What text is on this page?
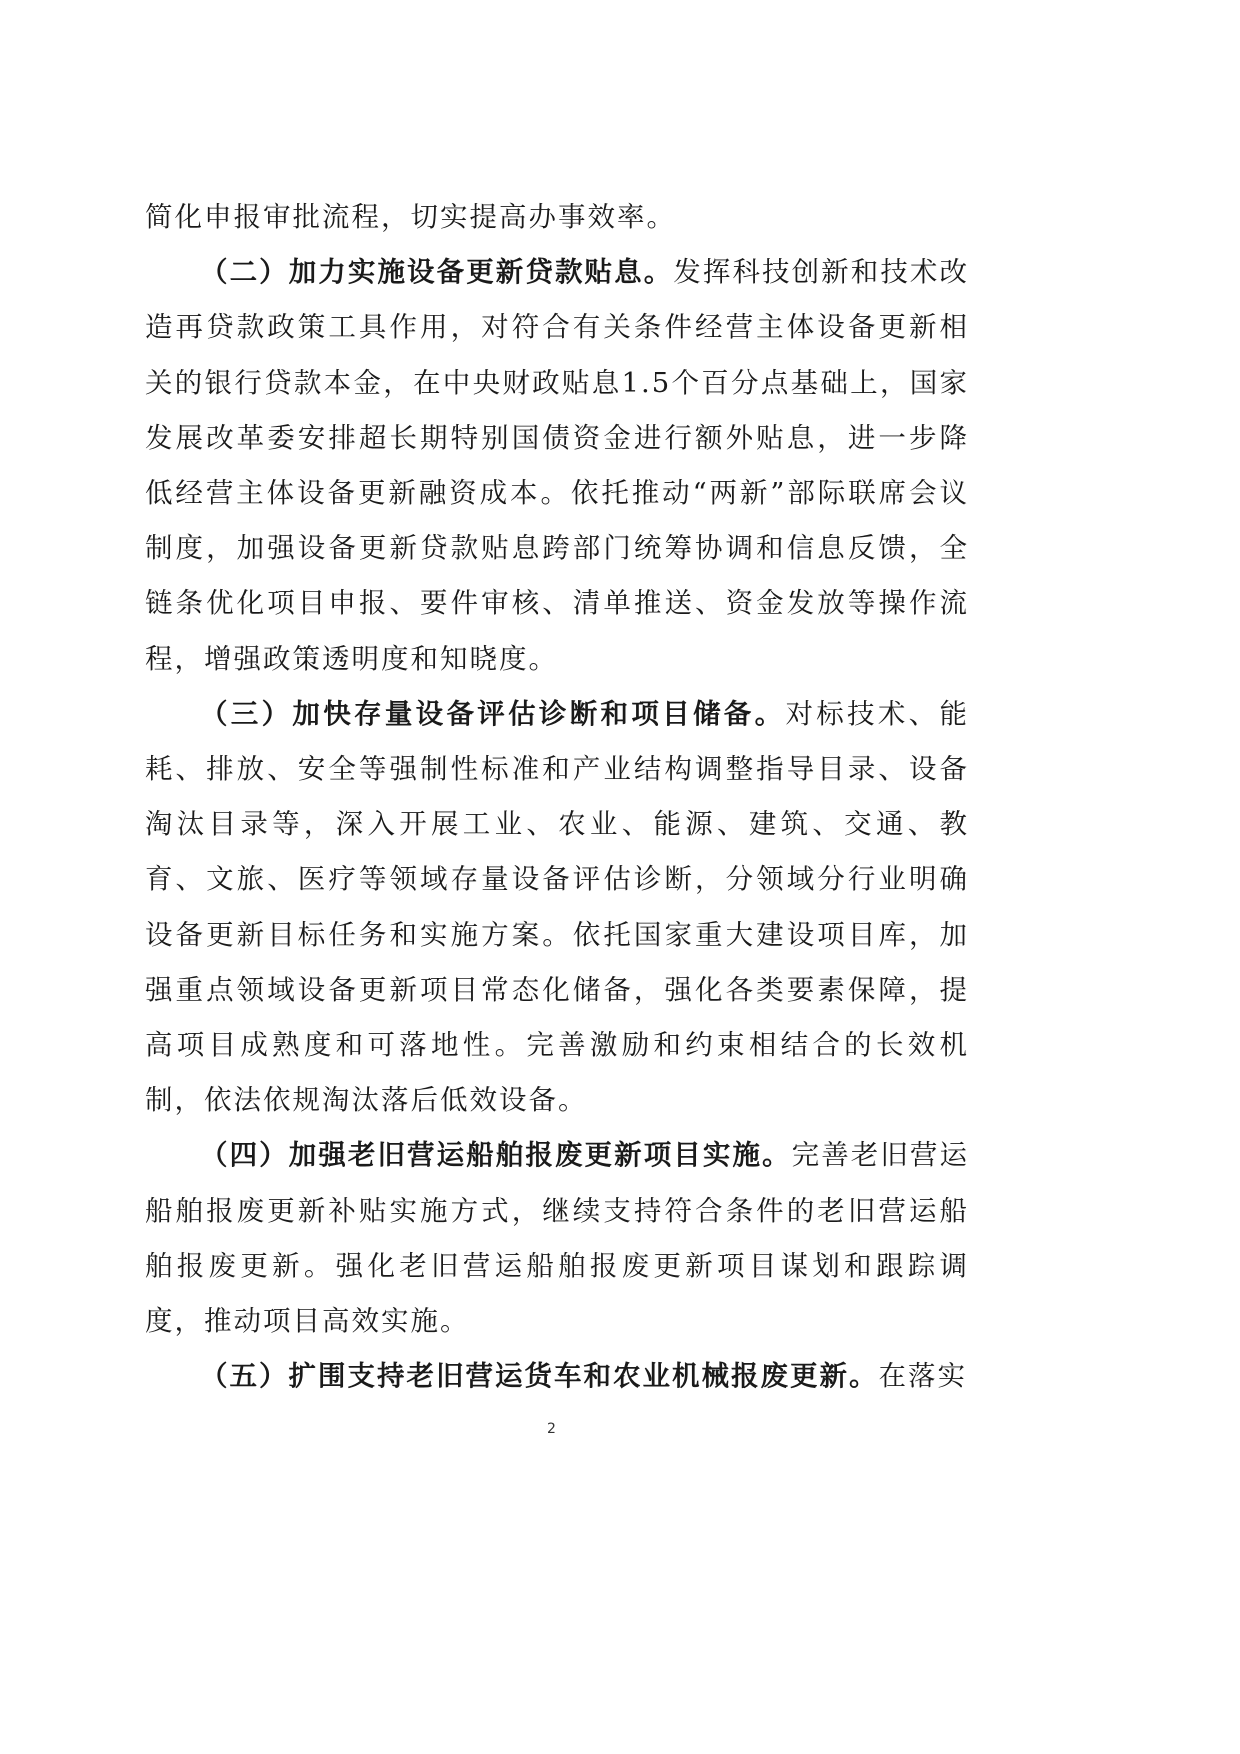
简化申报审批流程，切实提高办事效率。

（二）加力实施设备更新贷款贴息。发挥科技创新和技术改造再贷款政策工具作用，对符合有关条件经营主体设备更新相关的银行贷款本金，在中央财政贴息1.5个百分点基础上，国家发展改革委安排超长期特别国债资金进行额外贴息，进一步降低经营主体设备更新融资成本。依托推动“两新”部际联席会议制度，加强设备更新贷款贴息跨部门统筹协调和信息反馈，全链条优化项目申报、要件审核、清单推送、资金发放等操作流程，增强政策透明度和知晓度。

（三）加快存量设备评估诊断和项目储备。对标技术、能耗、排放、安全等强制性标准和产业结构调整指导目录、设备淘汰目录等，深入开展工业、农业、能源、建筑、交通、教育、文旅、医疗等领域存量设备评估诊断，分领域分行业明确设备更新目标任务和实施方案。依托国家重大建设项目库，加强重点领域设备更新项目常态化储备，强化各类要素保障，提高项目成熟度和可落地性。完善激励和约束相结合的长效机制，依法依规淘汰落后低效设备。

（四）加强老旧营运船舶报废更新项目实施。完善老旧营运船舶报废更新补贴实施方式，继续支持符合条件的老旧营运船舶报废更新。强化老旧营运船舶报废更新项目谋划和跟踪调度，推动项目高效实施。

（五）扩围支持老旧营运货车和农业机械报废更新。在落实

2
